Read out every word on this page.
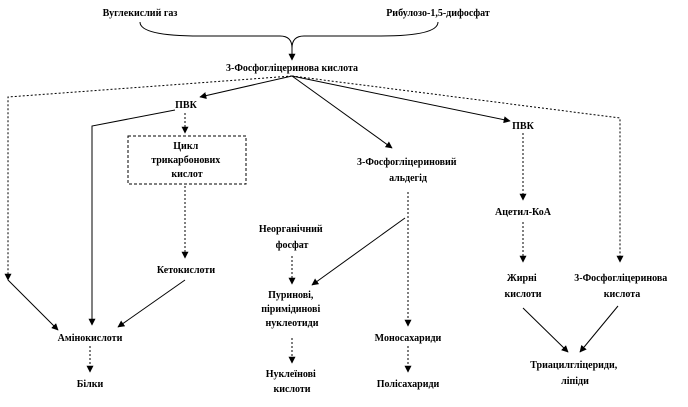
Вуглекислий газ	Рибулозо-1,5-дифосфат
3-Фосфогліцеринова кислота
ПВК
Цикл трикарбонових кислот
3-Фосфогліцериновий альдегід
ПВК
Неорганічний фосфат
Кетокислоти
Ацетил-КоА
Пуринові, піримідинові нуклеотиди
Жирні кислоти
3-Фосфогліцеринова кислота
Амінокислоти	Моносахариди
Триацилгліцериди, ліпіди
Білки
Нуклеїнові кислоти	Полісахариди
